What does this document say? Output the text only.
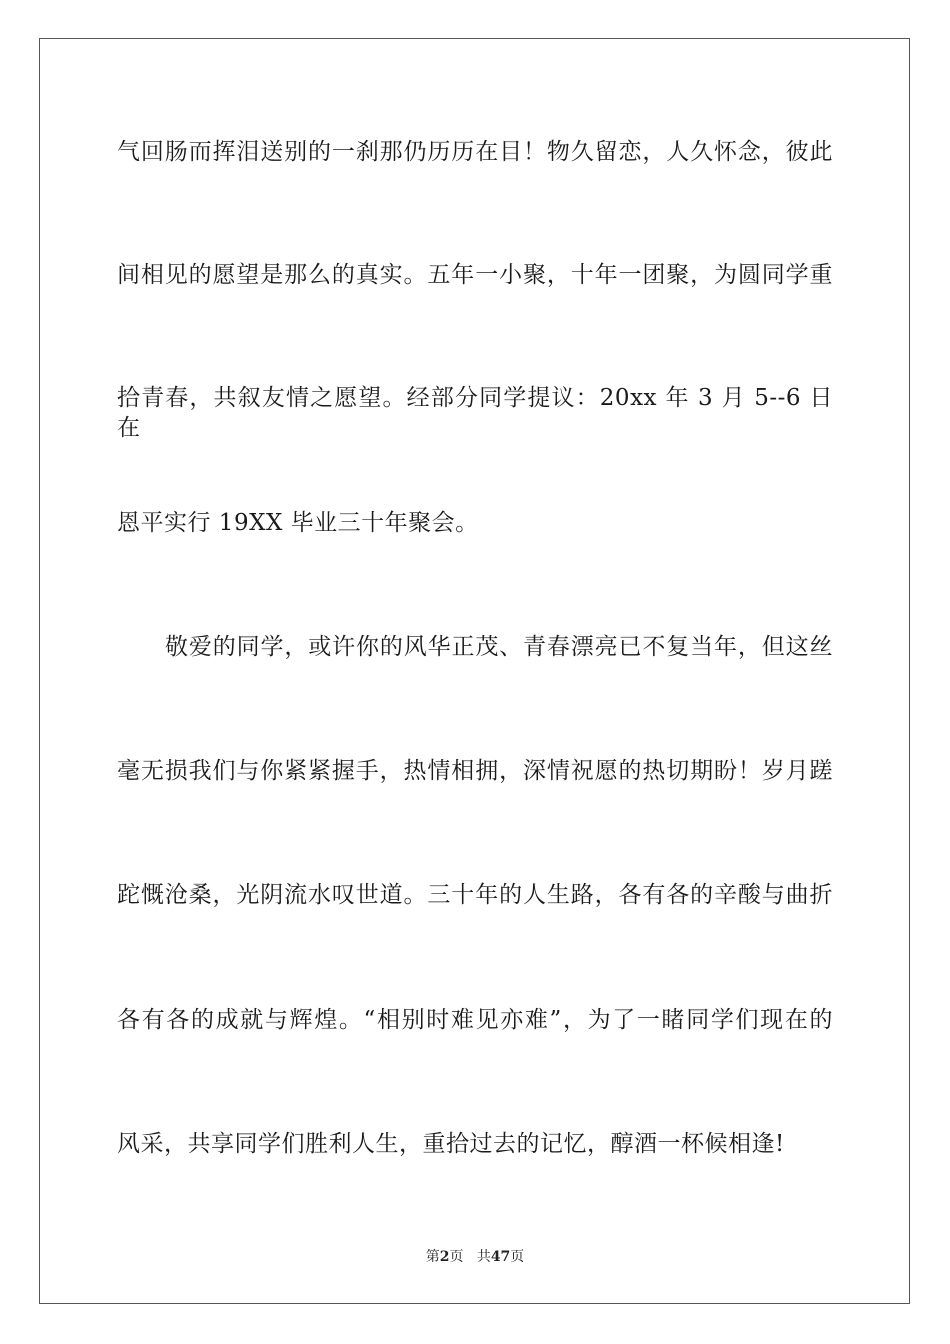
气回肠而挥泪送别的一刹那仍历历在目！物久留恋，人久怀念，彼此
间相见的愿望是那么的真实。五年一小聚，十年一团聚，为圆同学重
拾青春，共叙友情之愿望。经部分同学提议：20xx 年 3 月 5--6 日在
恩平实行 19XX 毕业三十年聚会。
敬爱的同学，或许你的风华正茂、青春漂亮已不复当年，但这丝
毫无损我们与你紧紧握手，热情相拥，深情祝愿的热切期盼！岁月蹉
跎慨沧桑，光阴流水叹世道。三十年的人生路，各有各的辛酸与曲折
各有各的成就与辉煌。“相别时难见亦难”，为了一睹同学们现在的
风采，共享同学们胜利人生，重拾过去的记忆，醇酒一杯候相逢!
第2页 共47页
